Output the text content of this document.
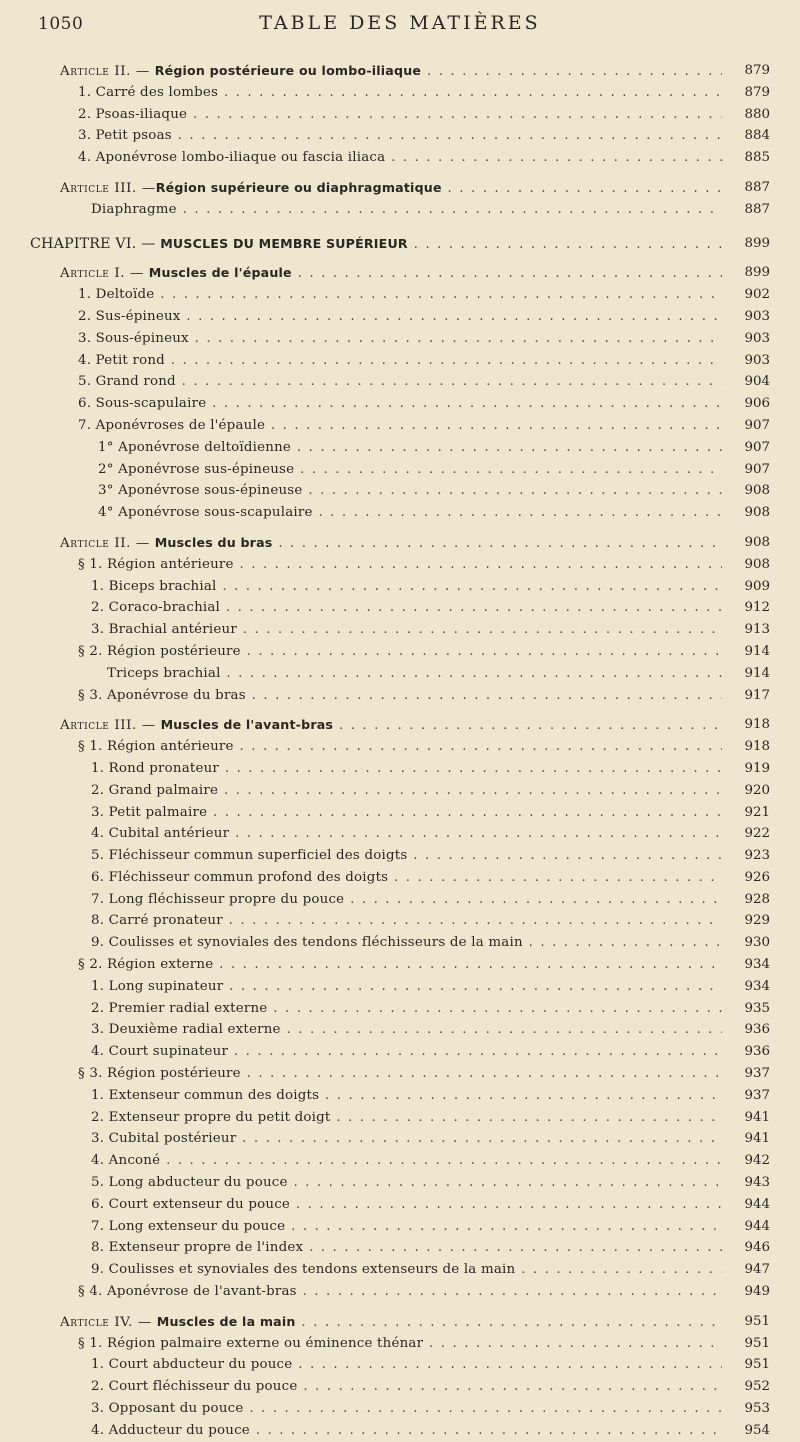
1050	TABLE DES MATIÈRES
Article II. — Région postérieure ou lombo-iliaque . . .	879
1. Carré des lombes . . .	879
2. Psoas-iliaque . . .	880
3. Petit psoas . . .	884
4. Aponévrose lombo-iliaque ou fascia iliaca . . .	885
Article III. —Région supérieure ou diaphragmatique . . .	887
Diaphragme . . .	887
CHAPITRE VI. — MUSCLES DU MEMBRE SUPÉRIEUR . . .	899
Article I. — Muscles de l'épaule . . .	899
1. Deltoïde . . .	902
2. Sus-épineux . . .	903
3. Sous-épineux . . .	903
4. Petit rond . . .	903
5. Grand rond . . .	904
6. Sous-scapulaire . . .	906
7. Aponévroses de l'épaule . . .	907
1° Aponévrose deltoïdienne . . .	907
2° Aponévrose sus-épineuse . . .	907
3° Aponévrose sous-épineuse . . .	908
4° Aponévrose sous-scapulaire . . .	908
Article II. — Muscles du bras . . .	908
§ 1. Région antérieure . . .	908
1. Biceps brachial . . .	909
2. Coraco-brachial . . .	912
3. Brachial antérieur . . .	913
§ 2. Région postérieure . . .	914
Triceps brachial . . .	914
§ 3. Aponévrose du bras . . .	917
Article III. — Muscles de l'avant-bras . . .	918
§ 1. Région antérieure . . .	918
1. Rond pronateur . . .	919
2. Grand palmaire . . .	920
3. Petit palmaire . . .	921
4. Cubital antérieur . . .	922
5. Fléchisseur commun superficiel des doigts . . .	923
6. Fléchisseur commun profond des doigts . . .	926
7. Long fléchisseur propre du pouce . . .	928
8. Carré pronateur . . .	929
9. Coulisses et synoviales des tendons fléchisseurs de la main . . .	930
§ 2. Région externe . . .	934
1. Long supinateur . . .	934
2. Premier radial externe . . .	935
3. Deuxième radial externe . . .	936
4. Court supinateur . . .	936
§ 3. Région postérieure . . .	937
1. Extenseur commun des doigts . . .	937
2. Extenseur propre du petit doigt . . .	941
3. Cubital postérieur . . .	941
4. Anconé . . .	942
5. Long abducteur du pouce . . .	943
6. Court extenseur du pouce . . .	944
7. Long extenseur du pouce . . .	944
8. Extenseur propre de l'index . . .	946
9. Coulisses et synoviales des tendons extenseurs de la main . . .	947
§ 4. Aponévrose de l'avant-bras . . .	949
Article IV. — Muscles de la main . . .	951
§ 1. Région palmaire externe ou éminence thénar . . .	951
1. Court abducteur du pouce . . .	951
2. Court fléchisseur du pouce . . .	952
3. Opposant du pouce . . .	953
4. Adducteur du pouce . . .	954
